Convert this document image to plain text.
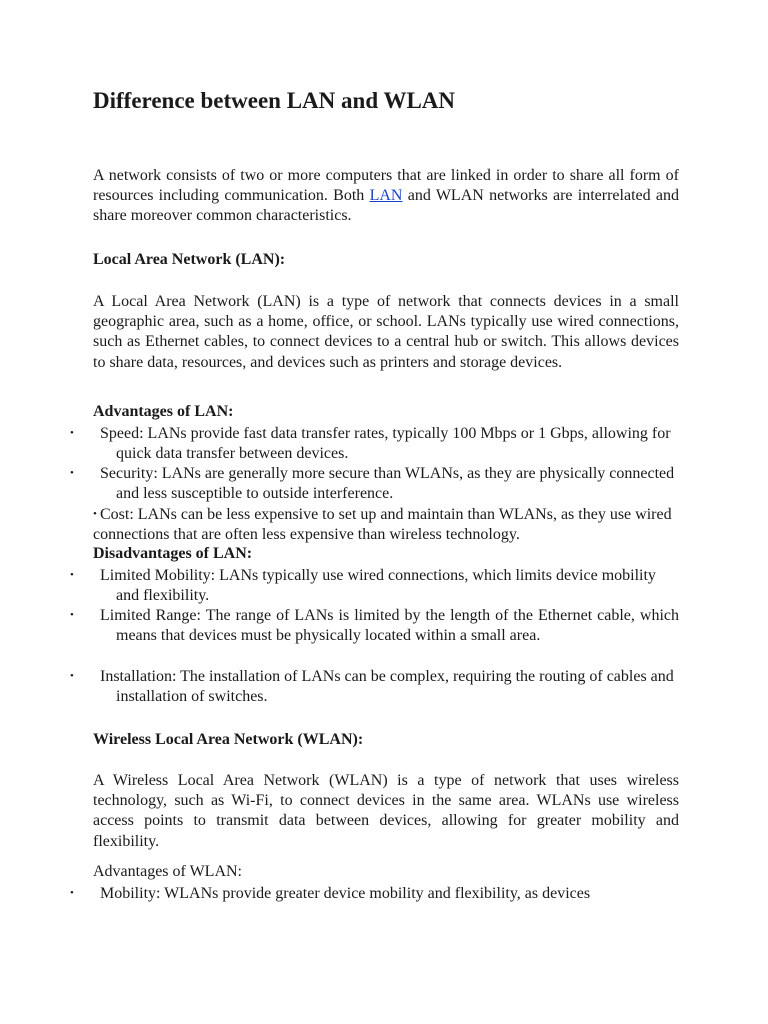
Difference between LAN and WLAN

A network consists of two or more computers that are linked in order to share all form of resources including communication. Both LAN and WLAN networks are interrelated and share moreover common characteristics.

Local Area Network (LAN):

A Local Area Network (LAN) is a type of network that connects devices in a small geographic area, such as a home, office, or school. LANs typically use wired connections, such as Ethernet cables, to connect devices to a central hub or switch. This allows devices to share data, resources, and devices such as printers and storage devices.

Advantages of LAN:

• Speed: LANs provide fast data transfer rates, typically 100 Mbps or 1 Gbps, allowing for quick data transfer between devices.

• Security: LANs are generally more secure than WLANs, as they are physically connected and less susceptible to outside interference.

• Cost: LANs can be less expensive to set up and maintain than WLANs, as they use wired connections that are often less expensive than wireless technology.

Disadvantages of LAN:

• Limited Mobility: LANs typically use wired connections, which limits device mobility and flexibility.

• Limited Range: The range of LANs is limited by the length of the Ethernet cable, which means that devices must be physically located within a small area.

• Installation: The installation of LANs can be complex, requiring the routing of cables and installation of switches.

Wireless Local Area Network (WLAN):

A Wireless Local Area Network (WLAN) is a type of network that uses wireless technology, such as Wi-Fi, to connect devices in the same area. WLANs use wireless access points to transmit data between devices, allowing for greater mobility and flexibility.

Advantages of WLAN:

• Mobility: WLANs provide greater device mobility and flexibility, as devices
